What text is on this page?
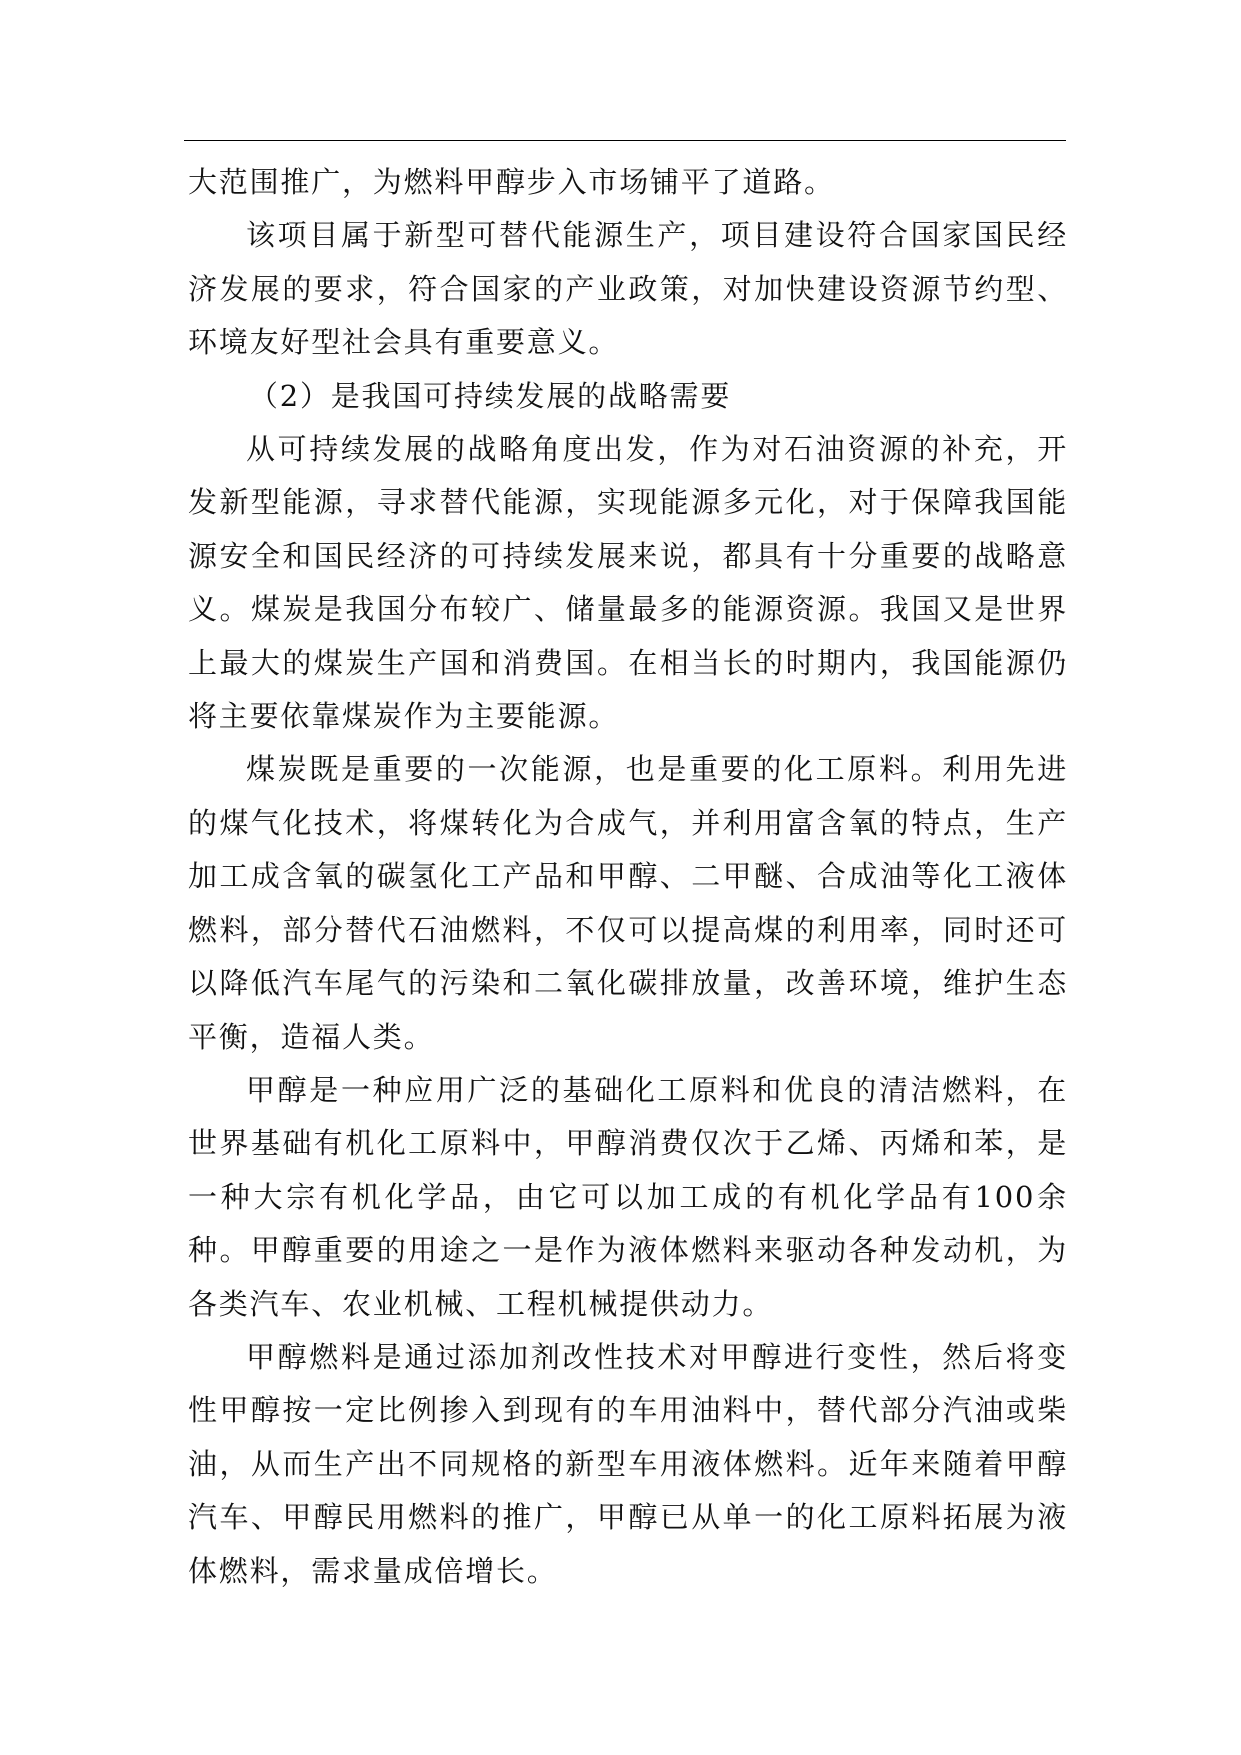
大范围推广，为燃料甲醇步入市场铺平了道路。

该项目属于新型可替代能源生产，项目建设符合国家国民经济发展的要求，符合国家的产业政策，对加快建设资源节约型、环境友好型社会具有重要意义。

（2）是我国可持续发展的战略需要

从可持续发展的战略角度出发，作为对石油资源的补充，开发新型能源，寻求替代能源，实现能源多元化，对于保障我国能源安全和国民经济的可持续发展来说，都具有十分重要的战略意义。煤炭是我国分布较广、储量最多的能源资源。我国又是世界上最大的煤炭生产国和消费国。在相当长的时期内，我国能源仍将主要依靠煤炭作为主要能源。

煤炭既是重要的一次能源，也是重要的化工原料。利用先进的煤气化技术，将煤转化为合成气，并利用富含氧的特点，生产加工成含氧的碳氢化工产品和甲醇、二甲醚、合成油等化工液体燃料，部分替代石油燃料，不仅可以提高煤的利用率，同时还可以降低汽车尾气的污染和二氧化碳排放量，改善环境，维护生态平衡，造福人类。

甲醇是一种应用广泛的基础化工原料和优良的清洁燃料，在世界基础有机化工原料中，甲醇消费仅次于乙烯、丙烯和苯，是一种大宗有机化学品，由它可以加工成的有机化学品有100余种。甲醇重要的用途之一是作为液体燃料来驱动各种发动机，为各类汽车、农业机械、工程机械提供动力。

甲醇燃料是通过添加剂改性技术对甲醇进行变性，然后将变性甲醇按一定比例掺入到现有的车用油料中，替代部分汽油或柴油，从而生产出不同规格的新型车用液体燃料。近年来随着甲醇汽车、甲醇民用燃料的推广，甲醇已从单一的化工原料拓展为液体燃料，需求量成倍增长。
